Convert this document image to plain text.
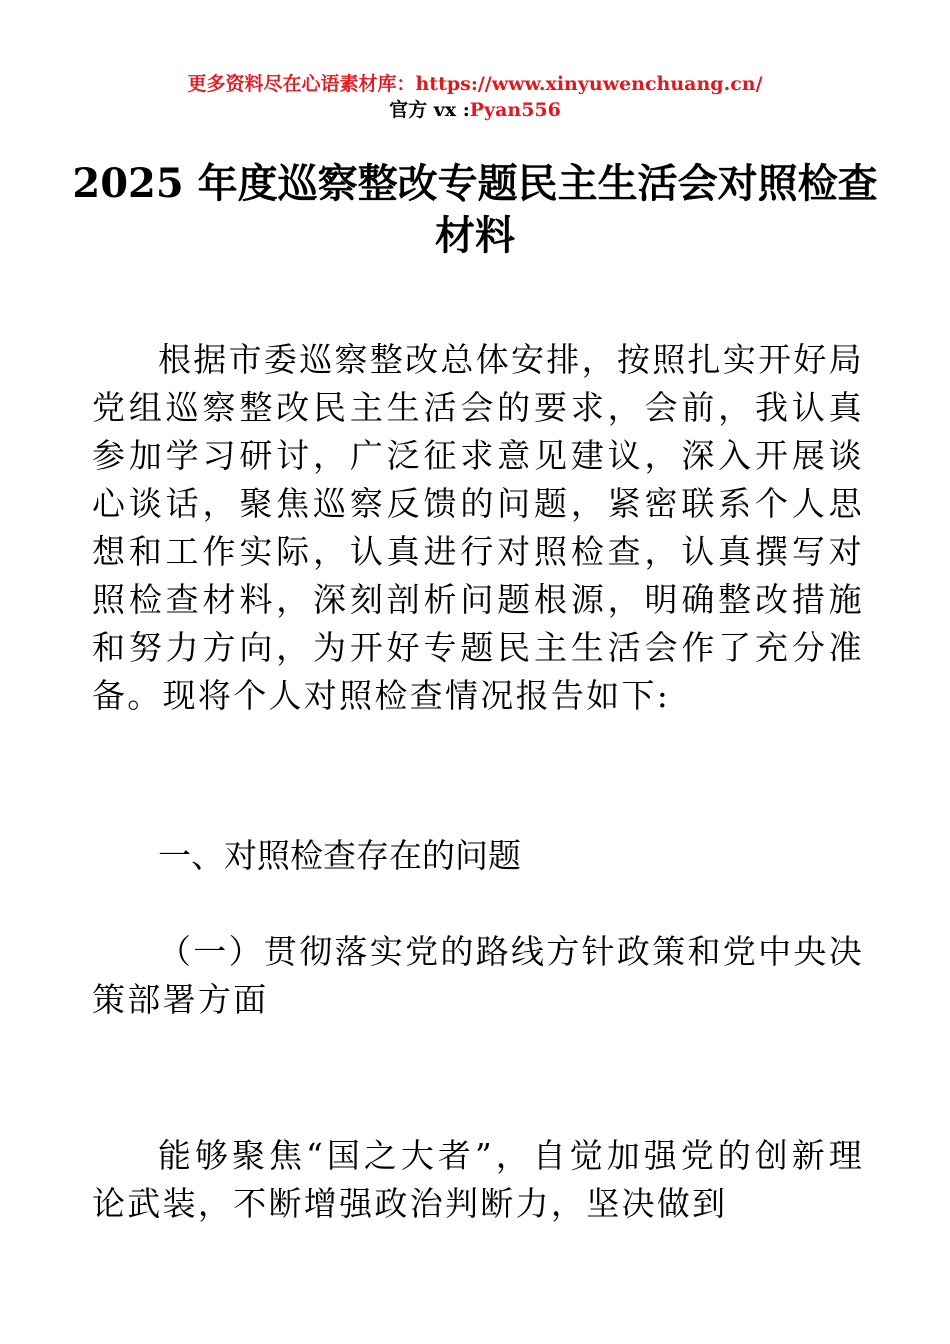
更多资料尽在心语素材库：https://www.xinyuwenchuang.cn/
官方 vx :Pyan556
2025 年度巡察整改专题民主生活会对照检查材料

根据市委巡察整改总体安排，按照扎实开好局党组巡察整改民主生活会的要求，会前，我认真参加学习研讨，广泛征求意见建议，深入开展谈心谈话，聚焦巡察反馈的问题，紧密联系个人思想和工作实际，认真进行对照检查，认真撰写对照检查材料，深刻剖析问题根源，明确整改措施和努力方向，为开好专题民主生活会作了充分准备。现将个人对照检查情况报告如下:

一、对照检查存在的问题

（一）贯彻落实党的路线方针政策和党中央决策部署方面

能够聚焦“国之大者”，自觉加强党的创新理论武装，不断增强政治判断力，坚决做到
